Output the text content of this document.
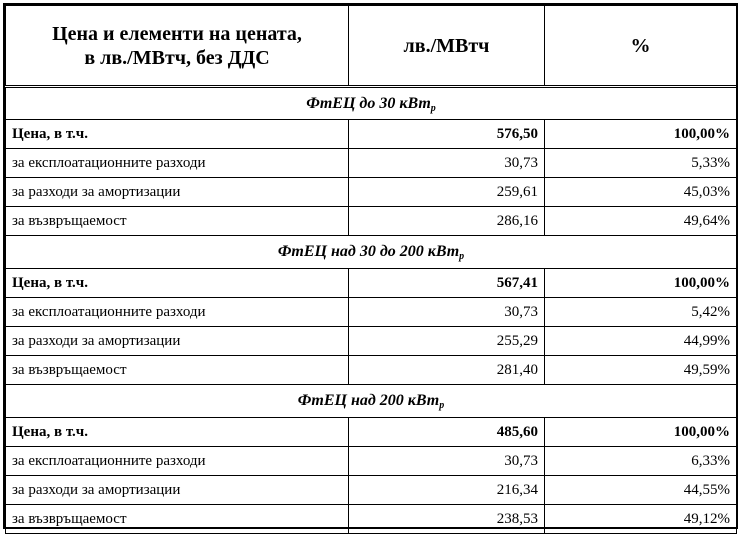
Цена и елементи на цената,
в лв./МВтч, без ДДС	лв./МВтч	%
ФтЕЦ до 30 кВт$_р$
Цена, в т.ч.	576,50	100,00%
за експлоатационните разходи	30,73	5,33%
за разходи за амортизации	259,61	45,03%
за възвръщаемост	286,16	49,64%
ФтЕЦ над 30 до 200 кВт$_р$
Цена, в т.ч.	567,41	100,00%
за експлоатационните разходи	30,73	5,42%
за разходи за амортизации	255,29	44,99%
за възвръщаемост	281,40	49,59%
ФтЕЦ над 200 кВт$_р$
Цена, в т.ч.	485,60	100,00%
за експлоатационните разходи	30,73	6,33%
за разходи за амортизации	216,34	44,55%
за възвръщаемост	238,53	49,12%
